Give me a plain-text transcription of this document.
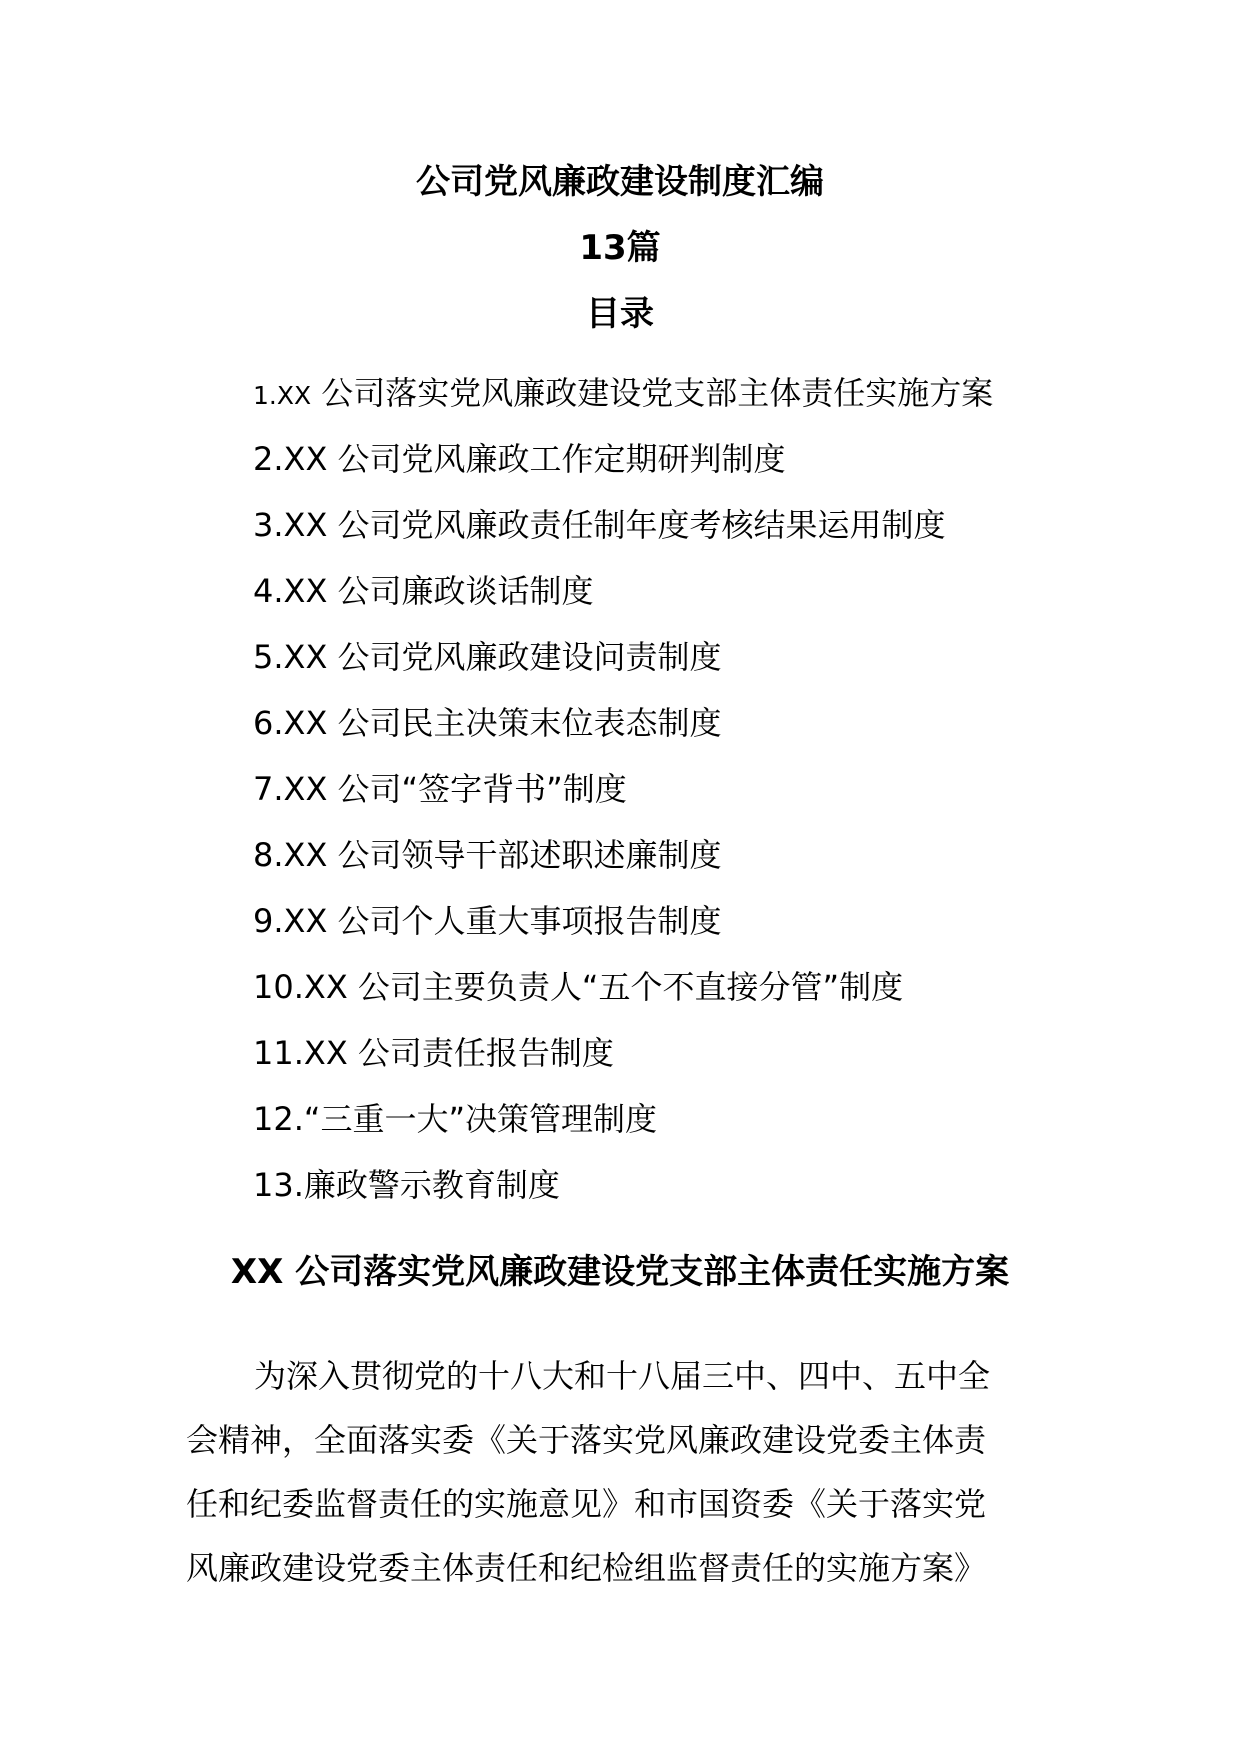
公司党风廉政建设制度汇编
13篇
目录
1.XX 公司落实党风廉政建设党支部主体责任实施方案
2.XX 公司党风廉政工作定期研判制度
3.XX 公司党风廉政责任制年度考核结果运用制度
4.XX 公司廉政谈话制度
5.XX 公司党风廉政建设问责制度
6.XX 公司民主决策末位表态制度
7.XX 公司“签字背书”制度
8.XX 公司领导干部述职述廉制度
9.XX 公司个人重大事项报告制度
10.XX 公司主要负责人“五个不直接分管”制度
11.XX 公司责任报告制度
12.“三重一大”决策管理制度
13.廉政警示教育制度
XX 公司落实党风廉政建设党支部主体责任实施方案

为深入贯彻党的十八大和十八届三中、四中、五中全
会精神，全面落实委《关于落实党风廉政建设党委主体责
任和纪委监督责任的实施意见》和市国资委《关于落实党
风廉政建设党委主体责任和纪检组监督责任的实施方案》
